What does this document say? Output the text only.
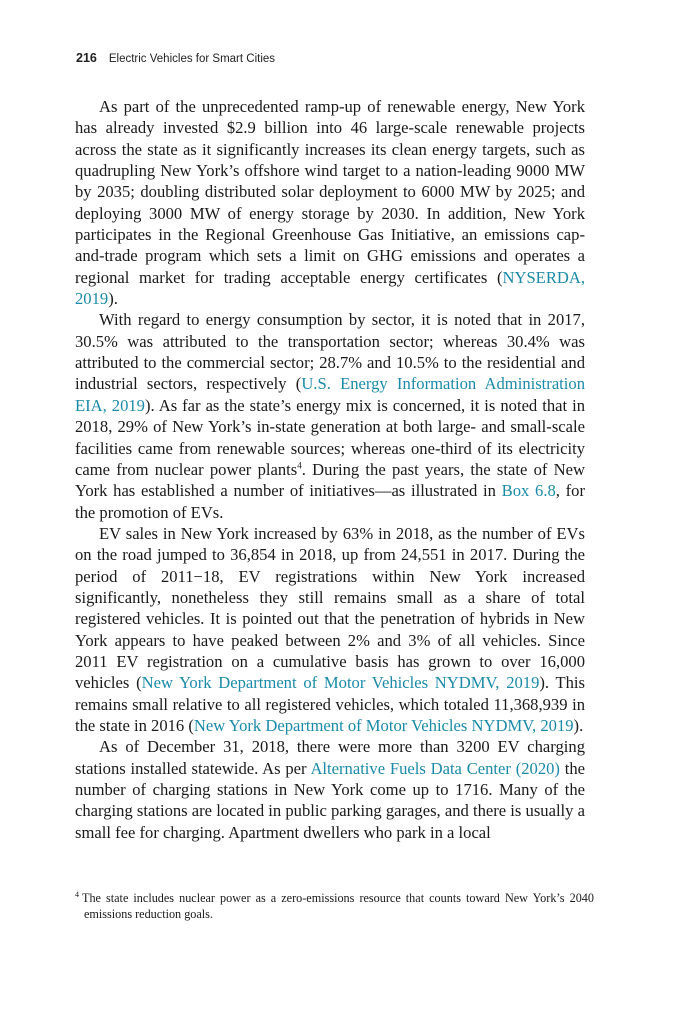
216 Electric Vehicles for Smart Cities

As part of the unprecedented ramp-up of renewable energy, New York has already invested $2.9 billion into 46 large-scale renewable projects across the state as it significantly increases its clean energy targets, such as quadrupling New York’s offshore wind target to a nation-leading 9000 MW by 2035; doubling distributed solar deployment to 6000 MW by 2025; and deploying 3000 MW of energy storage by 2030. In addition, New York participates in the Regional Greenhouse Gas Initiative, an emissions cap-and-trade program which sets a limit on GHG emissions and operates a regional market for trading acceptable energy certificates (NYSERDA, 2019).

With regard to energy consumption by sector, it is noted that in 2017, 30.5% was attributed to the transportation sector; whereas 30.4% was attributed to the commercial sector; 28.7% and 10.5% to the residential and industrial sectors, respectively (U.S. Energy Information Administration EIA, 2019). As far as the state’s energy mix is concerned, it is noted that in 2018, 29% of New York’s in-state generation at both large- and small-scale facilities came from renewable sources; whereas one-third of its electricity came from nuclear power plants$^4$. During the past years, the state of New York has established a number of initiatives—as illustrated in Box 6.8, for the promotion of EVs.

EV sales in New York increased by 63% in 2018, as the number of EVs on the road jumped to 36,854 in 2018, up from 24,551 in 2017. During the period of 2011−18, EV registrations within New York increased significantly, nonetheless they still remains small as a share of total registered vehicles. It is pointed out that the penetration of hybrids in New York appears to have peaked between 2% and 3% of all vehicles. Since 2011 EV registration on a cumulative basis has grown to over 16,000 vehicles (New York Department of Motor Vehicles NYDMV, 2019). This remains small relative to all registered vehicles, which totaled 11,368,939 in the state in 2016 (New York Department of Motor Vehicles NYDMV, 2019).

As of December 31, 2018, there were more than 3200 EV charging stations installed statewide. As per Alternative Fuels Data Center (2020) the number of charging stations in New York come up to 1716. Many of the charging stations are located in public parking garages, and there is usually a small fee for charging. Apartment dwellers who park in a local

$^4$ The state includes nuclear power as a zero-emissions resource that counts toward New York’s 2040 emissions reduction goals.
